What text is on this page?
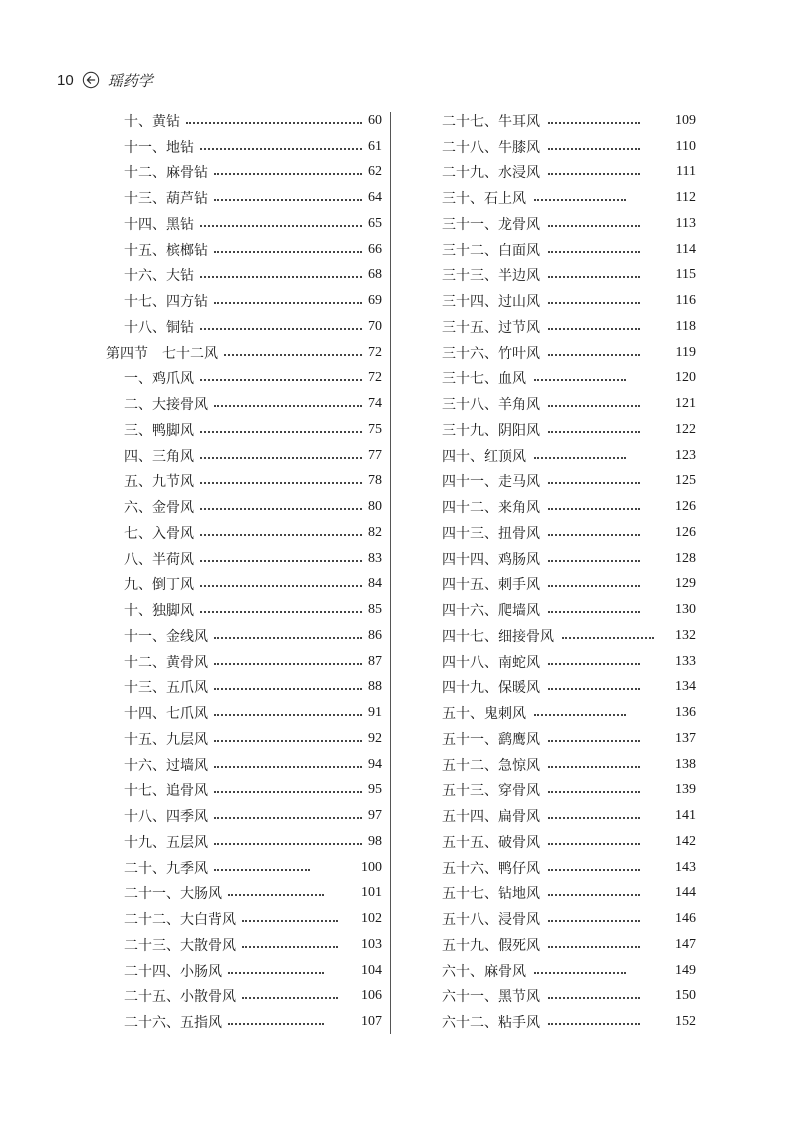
10 瑶药学
十、黄钻	60
十一、地钻	61
十二、麻骨钻	62
十三、葫芦钻	64
十四、黑钻	65
十五、槟榔钻	66
十六、大钻	68
十七、四方钻	69
十八、铜钻	70
第四节　七十二风	72
一、鸡爪风	72
二、大接骨风	74
三、鸭脚风	75
四、三角风	77
五、九节风	78
六、金骨风	80
七、入骨风	82
八、半荷风	83
九、倒丁风	84
十、独脚风	85
十一、金线风	86
十二、黄骨风	87
十三、五爪风	88
十四、七爪风	91
十五、九层风	92
十六、过墙风	94
十七、追骨风	95
十八、四季风	97
十九、五层风	98
二十、九季风	100
二十一、大肠风	101
二十二、大白背风	102
二十三、大散骨风	103
二十四、小肠风	104
二十五、小散骨风	106
二十六、五指风	107
二十七、牛耳风	109
二十八、牛膝风	110
二十九、水浸风	111
三十、石上风	112
三十一、龙骨风	113
三十二、白面风	114
三十三、半边风	115
三十四、过山风	116
三十五、过节风	118
三十六、竹叶风	119
三十七、血风	120
三十八、羊角风	121
三十九、阴阳风	122
四十、红顶风	123
四十一、走马风	125
四十二、来角风	126
四十三、扭骨风	126
四十四、鸡肠风	128
四十五、刺手风	129
四十六、爬墙风	130
四十七、细接骨风	132
四十八、南蛇风	133
四十九、保暖风	134
五十、鬼刺风	136
五十一、鹞鹰风	137
五十二、急惊风	138
五十三、穿骨风	139
五十四、扁骨风	141
五十五、破骨风	142
五十六、鸭仔风	143
五十七、钻地风	144
五十八、浸骨风	146
五十九、假死风	147
六十、麻骨风	149
六十一、黑节风	150
六十二、粘手风	152
